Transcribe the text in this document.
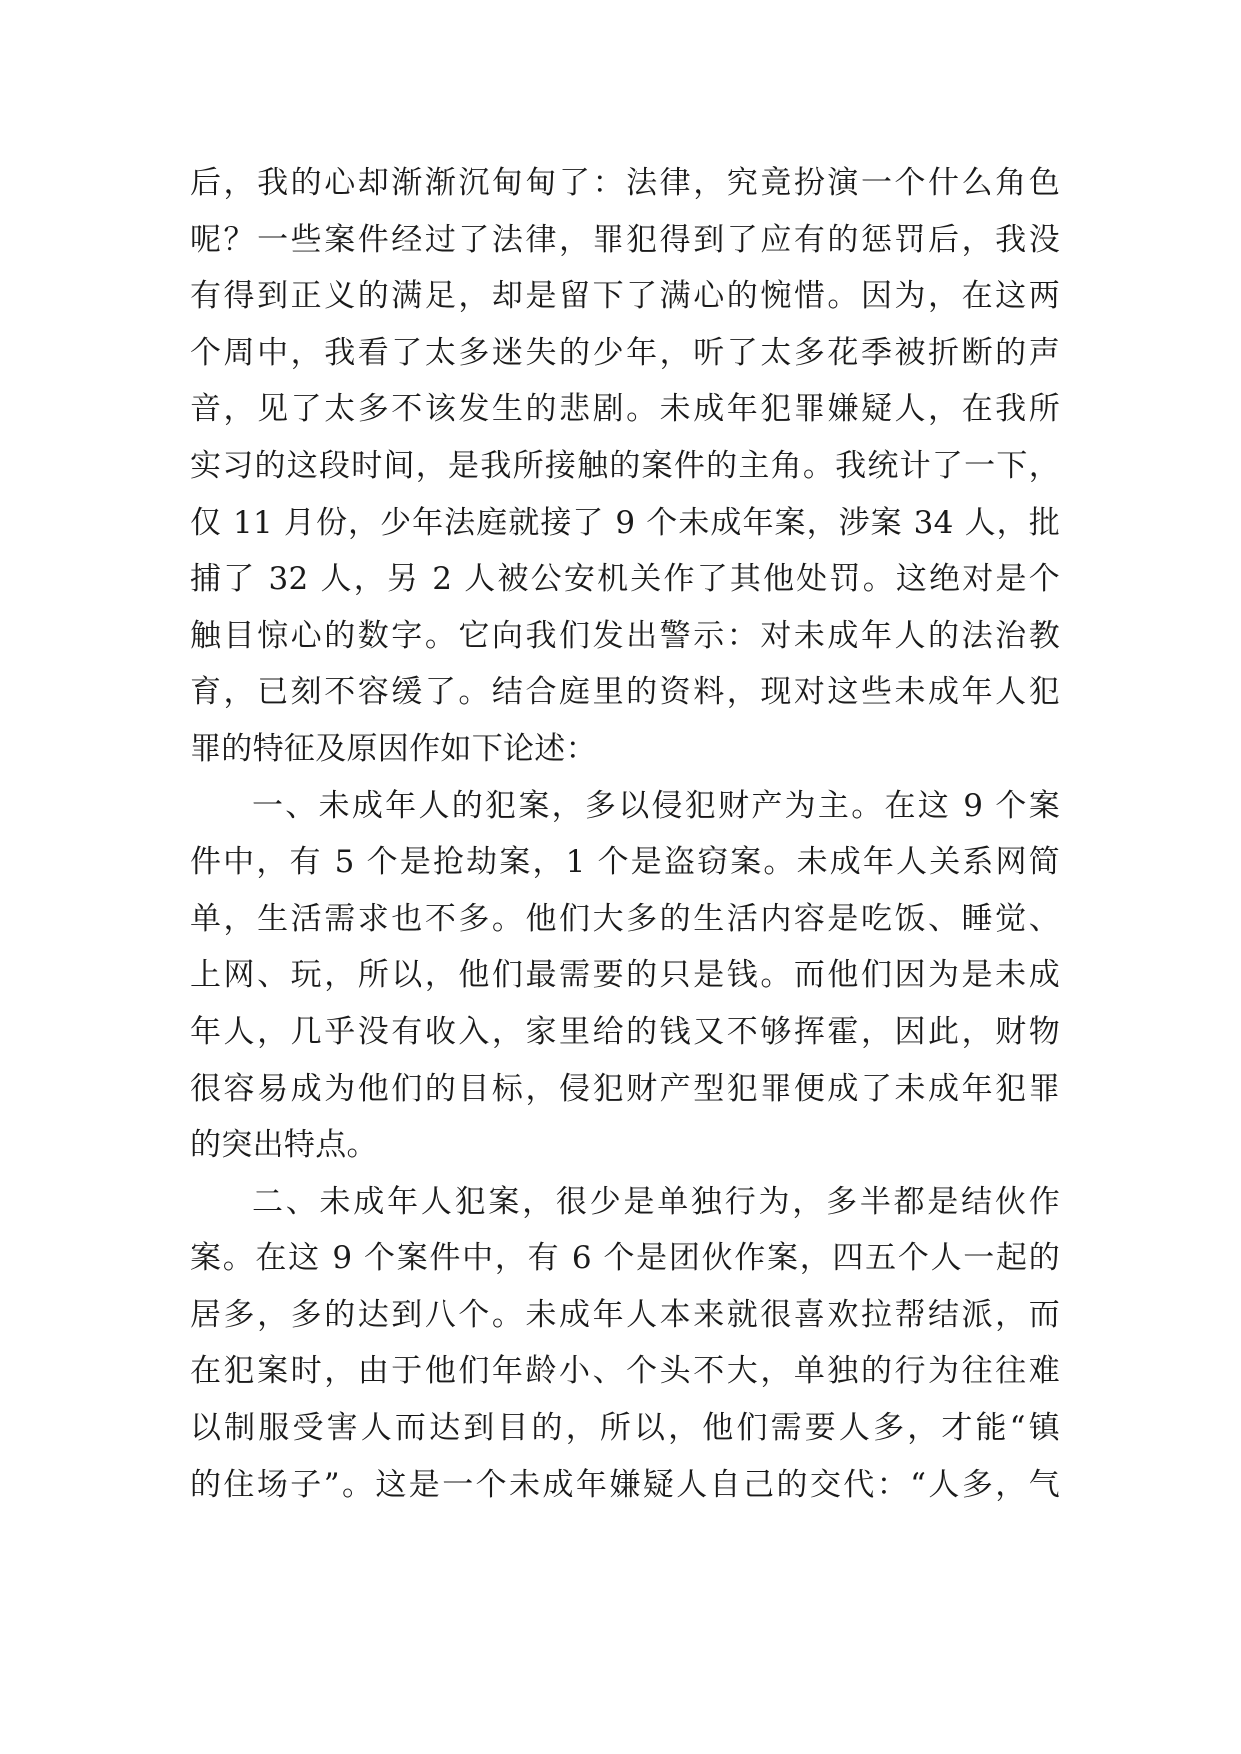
后，我的心却渐渐沉甸甸了：法律，究竟扮演一个什么角色
呢？一些案件经过了法律，罪犯得到了应有的惩罚后，我没
有得到正义的满足，却是留下了满心的惋惜。因为，在这两
个周中，我看了太多迷失的少年，听了太多花季被折断的声
音，见了太多不该发生的悲剧。未成年犯罪嫌疑人，在我所
实习的这段时间，是我所接触的案件的主角。我统计了一下，
仅 11 月份，少年法庭就接了 9 个未成年案，涉案 34 人，批
捕了 32 人，另 2 人被公安机关作了其他处罚。这绝对是个
触目惊心的数字。它向我们发出警示：对未成年人的法治教
育，已刻不容缓了。结合庭里的资料，现对这些未成年人犯
罪的特征及原因作如下论述：
一、未成年人的犯案，多以侵犯财产为主。在这 9 个案
件中，有 5 个是抢劫案，1 个是盗窃案。未成年人关系网简
单，生活需求也不多。他们大多的生活内容是吃饭、睡觉、
上网、玩，所以，他们最需要的只是钱。而他们因为是未成
年人，几乎没有收入，家里给的钱又不够挥霍，因此，财物
很容易成为他们的目标，侵犯财产型犯罪便成了未成年犯罪
的突出特点。
二、未成年人犯案，很少是单独行为，多半都是结伙作
案。在这 9 个案件中，有 6 个是团伙作案，四五个人一起的
居多，多的达到八个。未成年人本来就很喜欢拉帮结派，而
在犯案时，由于他们年龄小、个头不大，单独的行为往往难
以制服受害人而达到目的，所以，他们需要人多，才能“镇
的住场子”。这是一个未成年嫌疑人自己的交代：“人多，气
